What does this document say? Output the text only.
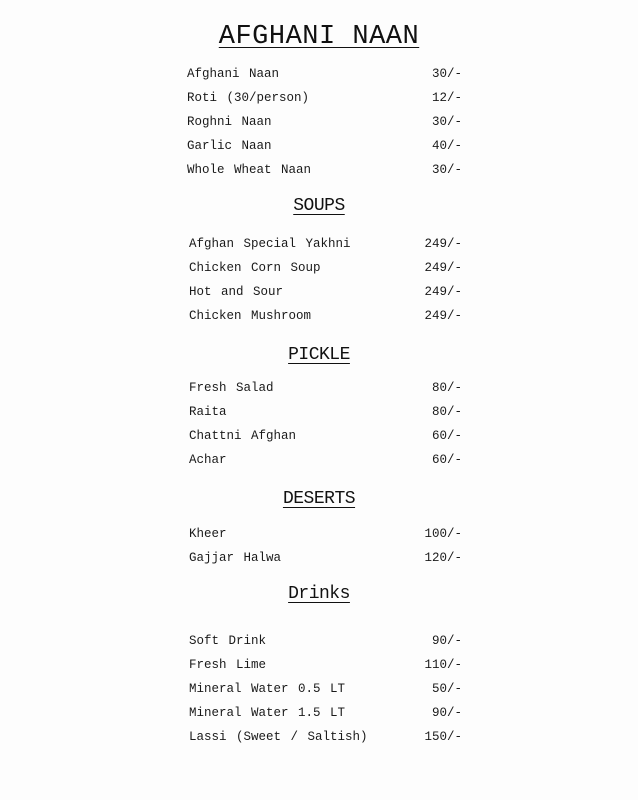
AFGHANI NAAN
Afghani Naan	30/-
Roti (30/person)	12/-
Roghni Naan	30/-
Garlic Naan	40/-
Whole Wheat Naan	30/-
SOUPS
Afghan Special Yakhni	249/-
Chicken Corn Soup	249/-
Hot and Sour	249/-
Chicken Mushroom	249/-
PICKLE
Fresh Salad	80/-
Raita	80/-
Chattni Afghan	60/-
Achar	60/-
DESERTS
Kheer	100/-
Gajjar Halwa	120/-
Drinks
Soft Drink	90/-
Fresh Lime	110/-
Mineral Water 0.5 LT	50/-
Mineral Water 1.5 LT	90/-
Lassi (Sweet / Saltish)	150/-
